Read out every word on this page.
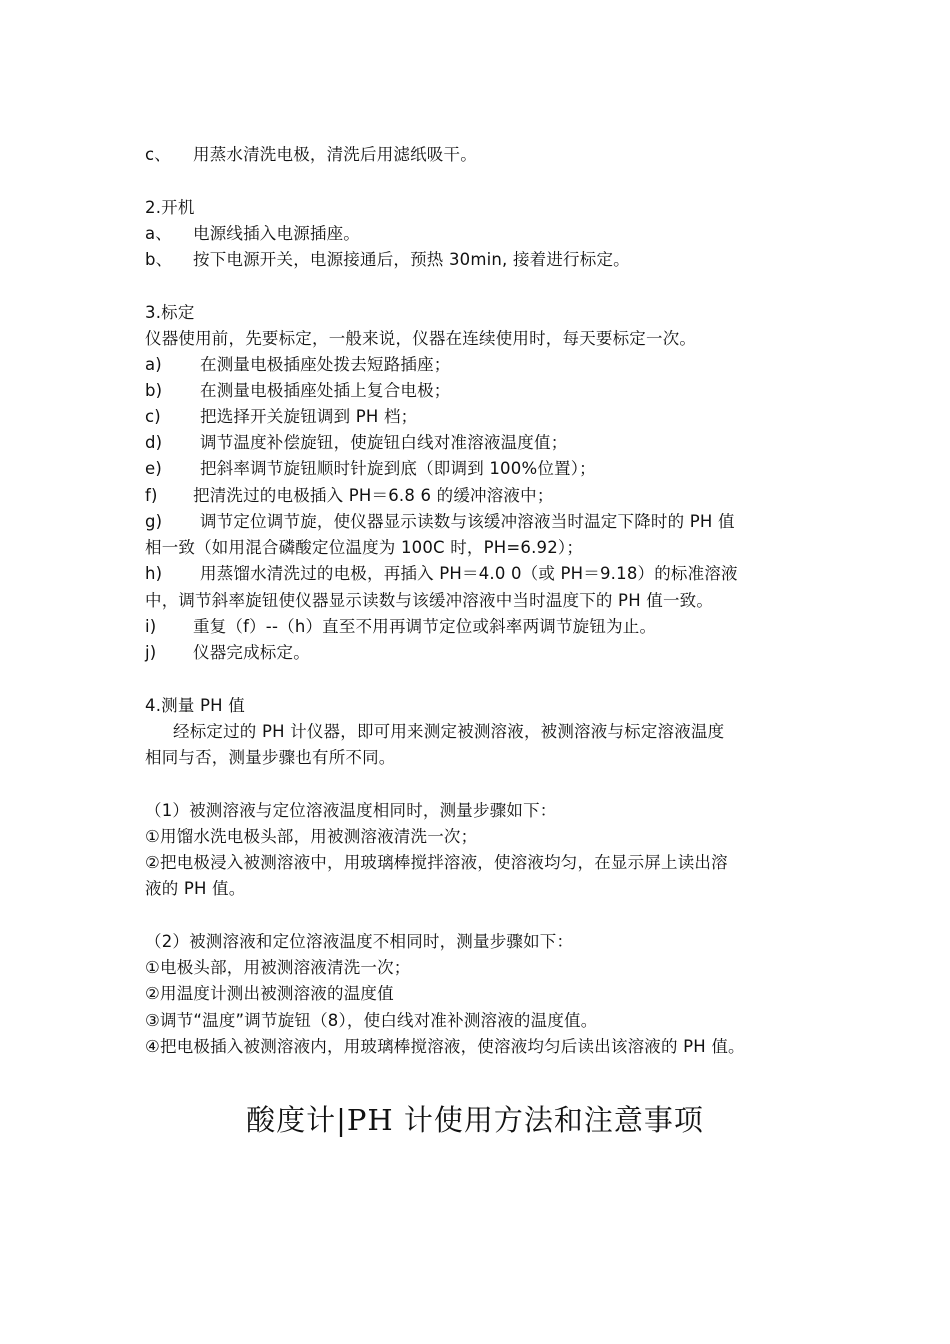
c、 用蒸水清洗电极，清洗后用滤纸吸干。
2.开机
a、 电源线插入电源插座。
b、 按下电源开关，电源接通后，预热 30min, 接着进行标定。
3.标定
仪器使用前，先要标定，一般来说，仪器在连续使用时，每天要标定一次。
a) 在测量电极插座处拨去短路插座；
b) 在测量电极插座处插上复合电极；
c) 把选择开关旋钮调到 PH 档；
d) 调节温度补偿旋钮，使旋钮白线对准溶液温度值；
e) 把斜率调节旋钮顺时针旋到底（即调到 100%位置）；
f) 把清洗过的电极插入 PH＝6.8 6 的缓冲溶液中；
g) 调节定位调节旋，使仪器显示读数与该缓冲溶液当时温定下降时的 PH 值
相一致（如用混合磷酸定位温度为 100C 时，PH=6.92）；
h) 用蒸馏水清洗过的电极，再插入 PH＝4.0 0（或 PH＝9.18）的标准溶液
中，调节斜率旋钮使仪器显示读数与该缓冲溶液中当时温度下的 PH 值一致。
i) 重复（f）--（h）直至不用再调节定位或斜率两调节旋钮为止。
j) 仪器完成标定。
4.测量 PH 值
经标定过的 PH 计仪器，即可用来测定被测溶液，被测溶液与标定溶液温度
相同与否，测量步骤也有所不同。
（1）被测溶液与定位溶液温度相同时，测量步骤如下：
①用馏水洗电极头部，用被测溶液清洗一次；
②把电极浸入被测溶液中，用玻璃棒搅拌溶液，使溶液均匀，在显示屏上读出溶
液的 PH 值。
（2）被测溶液和定位溶液温度不相同时，测量步骤如下：
①电极头部，用被测溶液清洗一次；
②用温度计测出被测溶液的温度值
③调节“温度”调节旋钮（8），使白线对准补测溶液的温度值。
④把电极插入被测溶液内，用玻璃棒搅溶液，使溶液均匀后读出该溶液的 PH 值。
酸度计|PH 计使用方法和注意事项
